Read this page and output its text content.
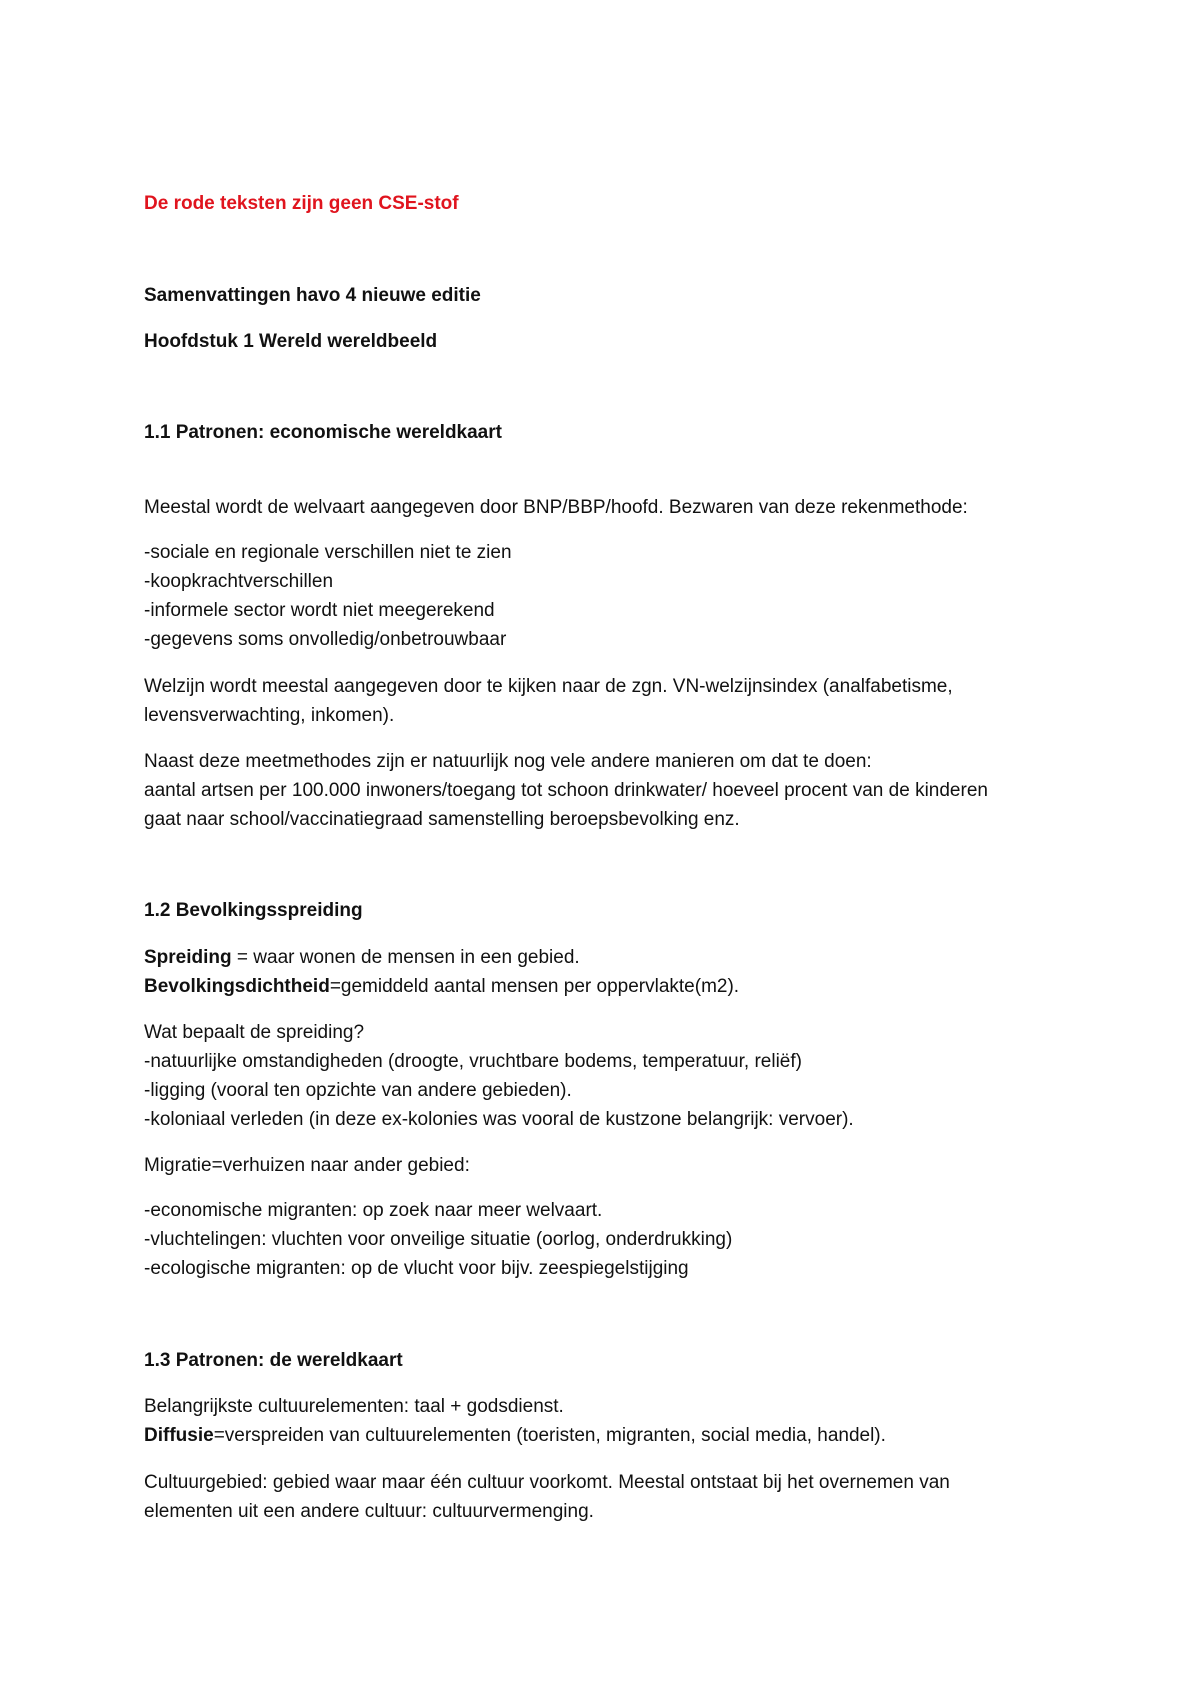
De rode teksten zijn geen CSE-stof

Samenvattingen havo 4 nieuwe editie

Hoofdstuk 1 Wereld wereldbeeld

1.1 Patronen: economische wereldkaart

Meestal wordt de welvaart aangegeven door BNP/BBP/hoofd. Bezwaren van deze rekenmethode:

-sociale en regionale verschillen niet te zien

-koopkrachtverschillen

-informele sector wordt niet meegerekend

-gegevens soms onvolledig/onbetrouwbaar

Welzijn wordt meestal aangegeven door te kijken naar de zgn. VN-welzijnsindex (analfabetisme,

levensverwachting, inkomen).

Naast deze meetmethodes zijn er natuurlijk nog vele andere manieren om dat te doen:

aantal artsen per 100.000 inwoners/toegang tot schoon drinkwater/ hoeveel procent van de kinderen

gaat naar school/vaccinatiegraad samenstelling beroepsbevolking enz.

1.2 Bevolkingsspreiding

Spreiding = waar wonen de mensen in een gebied.

Bevolkingsdichtheid=gemiddeld aantal mensen per oppervlakte(m2).

Wat bepaalt de spreiding?

-natuurlijke omstandigheden (droogte, vruchtbare bodems, temperatuur, reliëf)

-ligging (vooral ten opzichte van andere gebieden).

-koloniaal verleden (in deze ex-kolonies was vooral de kustzone belangrijk: vervoer).

Migratie=verhuizen naar ander gebied:

-economische migranten: op zoek naar meer welvaart.

-vluchtelingen: vluchten voor onveilige situatie (oorlog, onderdrukking)

-ecologische migranten: op de vlucht voor bijv. zeespiegelstijging

1.3 Patronen: de wereldkaart

Belangrijkste cultuurelementen: taal + godsdienst.

Diffusie=verspreiden van cultuurelementen (toeristen, migranten, social media, handel).

Cultuurgebied: gebied waar maar één cultuur voorkomt. Meestal ontstaat bij het overnemen van

elementen uit een andere cultuur: cultuurvermenging.
